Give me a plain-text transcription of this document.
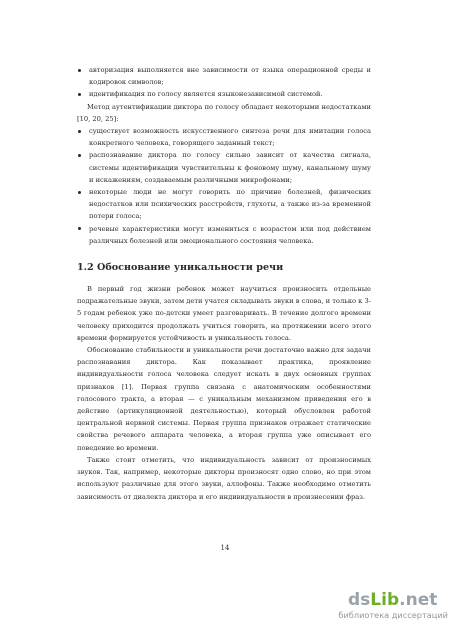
авторизация выполняется вне зависимости от языка операционной среды и кодировок символов;
идентификация по голосу является языконезависимой системой.

Метод аутентификации диктора по голосу обладает некоторыми недостатками [10, 20, 25]:

существует возможность искусственного синтеза речи для имитации голоса конкретного человека, говорящего заданный текст;
распознавание диктора по голосу сильно зависит от качества сигнала, системы идентификации чувствительны к фоновому шуму, канальному шуму и искажениям, создаваемым различными микрофонами;
некоторые люди не могут говорить по причине болезней, физических недостатков или психических расстройств, глухоты, а также из-за временной потери голоса;
речевые характеристики могут измениться с возрастом или под действием различных болезней или эмоционального состояния человека.
1.2 Обоснование уникальности речи

В первый год жизни ребенок может научиться произносить отдельные подражательные звуки, затем дети учатся складывать звуки в слова, и только к 3-5 годам ребенок уже по-детски умеет разговаривать. В течение долгого времени человеку приходится продолжать учиться говорить, на протяжении всего этого времени формируется устойчивость и уникальность голоса.

Обоснование стабильности и уникальности речи достаточно важно для задачи распознавания диктора. Как показывает практика, проявление индивидуальности голоса человека следует искать в двух основных группах признаков [1]. Первая группа связана с анатомическим особенностями голосового тракта, а вторая — с уникальным механизмом приведения его в действие (артикуляционной деятельностью), который обусловлен работой центральной нервной системы. Первая группа признаков отражает статические свойства речевого аппарата человека, а вторая группа уже описывает его поведение во времени.

Также стоит отметить, что индивидуальность зависит от произносимых звуков. Так, например, некоторые дикторы произносят одно слово, но при этом используют различные для этого звуки, аллофоны. Также необходимо отметить зависимость от диалекта диктора и его индивидуальности в произнесении фраз.

14
dsLib.net
библиотека диссертаций
